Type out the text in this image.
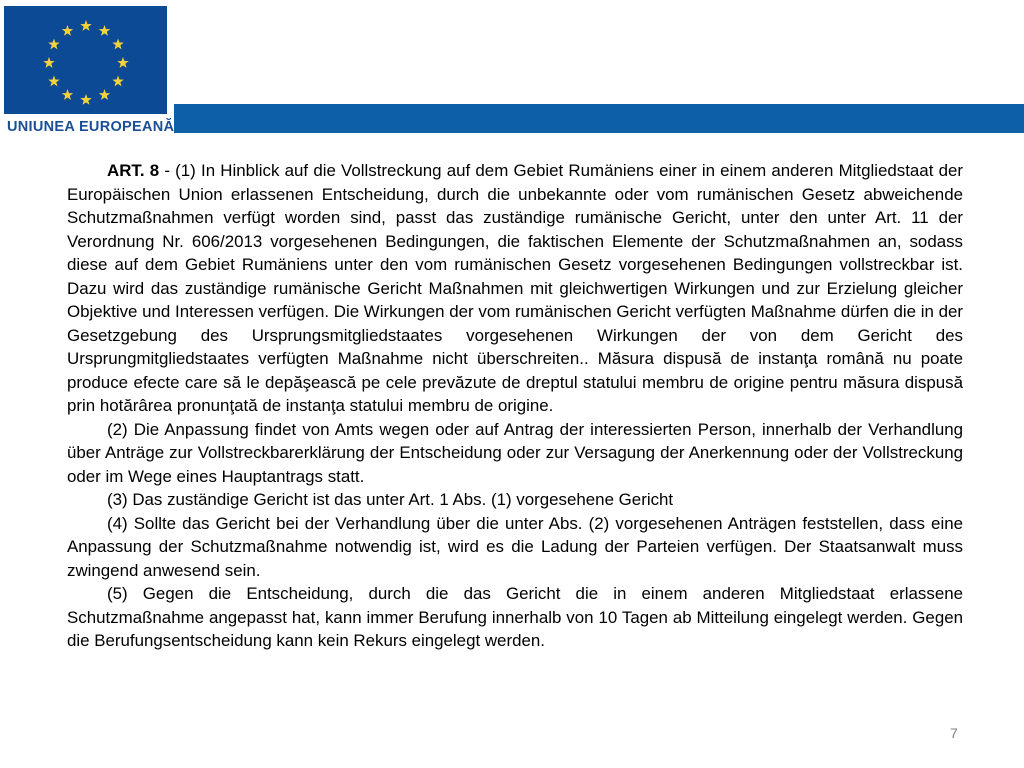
UNIUNEA EUROPEANĂ

ART. 8 - (1) In Hinblick auf die Vollstreckung auf dem Gebiet Rumäniens einer in einem anderen Mitgliedstaat der Europäischen Union erlassenen Entscheidung, durch die unbekannte oder vom rumänischen Gesetz abweichende Schutzmaßnahmen verfügt worden sind, passt das zuständige rumänische Gericht, unter den unter Art. 11 der Verordnung Nr. 606/2013 vorgesehenen Bedingungen, die faktischen Elemente der Schutzmaßnahmen an, sodass diese auf dem Gebiet Rumäniens unter den vom rumänischen Gesetz vorgesehenen Bedingungen vollstreckbar ist. Dazu wird das zuständige rumänische Gericht Maßnahmen mit gleichwertigen Wirkungen und zur Erzielung gleicher Objektive und Interessen verfügen. Die Wirkungen der vom rumänischen Gericht verfügten Maßnahme dürfen die in der Gesetzgebung des Ursprungsmitgliedstaates vorgesehenen Wirkungen der von dem Gericht des Ursprungmitgliedstaates verfügten Maßnahme nicht überschreiten.. Măsura dispusă de instanţa română nu poate produce efecte care să le depăşească pe cele prevăzute de dreptul statului membru de origine pentru măsura dispusă prin hotărârea pronunţată de instanţa statului membru de origine.

(2) Die Anpassung findet von Amts wegen oder auf Antrag der interessierten Person, innerhalb der Verhandlung über Anträge zur Vollstreckbarerklärung der Entscheidung oder zur Versagung der Anerkennung oder der Vollstreckung oder im Wege eines Hauptantrags statt.

(3) Das zuständige Gericht ist das unter Art. 1 Abs. (1) vorgesehene Gericht

(4) Sollte das Gericht bei der Verhandlung über die unter Abs. (2) vorgesehenen Anträgen feststellen, dass eine Anpassung der Schutzmaßnahme notwendig ist, wird es die Ladung der Parteien verfügen. Der Staatsanwalt muss zwingend anwesend sein.

(5) Gegen die Entscheidung, durch die das Gericht die in einem anderen Mitgliedstaat erlassene Schutzmaßnahme angepasst hat, kann immer Berufung innerhalb von 10 Tagen ab Mitteilung eingelegt werden. Gegen die Berufungsentscheidung kann kein Rekurs eingelegt werden.

7
